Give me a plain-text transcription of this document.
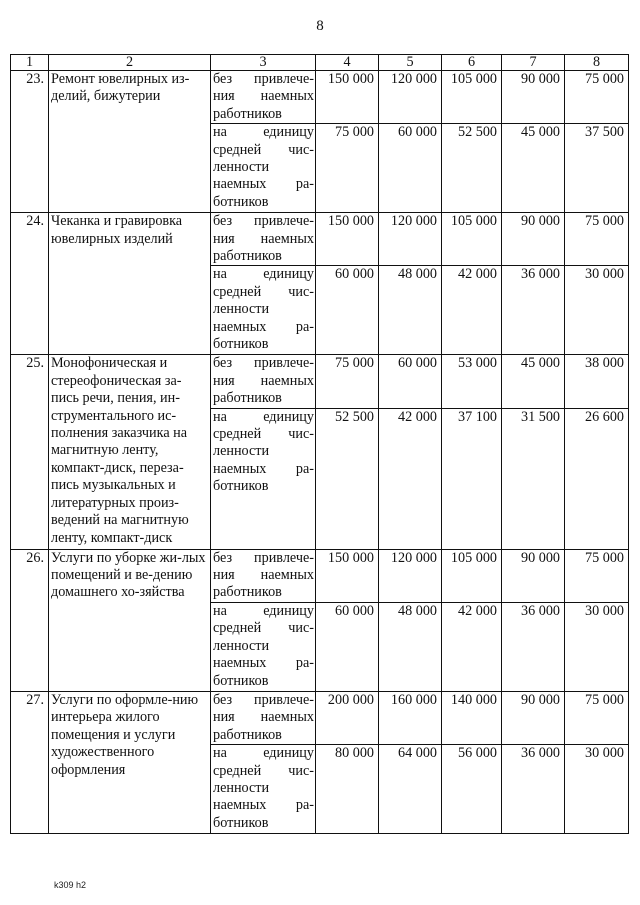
8
1	2	3	4	5	6	7	8
23.	Ремонт ювелирных из-делий, бижутерии	без привлече-ния наемных работников	150 000	120 000	105 000	90 000	75 000
		на единицу средней чис-ленности наемных ра-ботников	75 000	60 000	52 500	45 000	37 500
24.	Чеканка и гравировка ювелирных изделий	без привлече-ния наемных работников	150 000	120 000	105 000	90 000	75 000
		на единицу средней чис-ленности наемных ра-ботников	60 000	48 000	42 000	36 000	30 000
25.	Монофоническая и стереофоническая за-пись речи, пения, ин-струментального ис-полнения заказчика на магнитную ленту, компакт-диск, переза-пись музыкальных и литературных произ-ведений на магнитную ленту, компакт-диск	без привлече-ния наемных работников	75 000	60 000	53 000	45 000	38 000
		на единицу средней чис-ленности наемных ра-ботников	52 500	42 000	37 100	31 500	26 600
26.	Услуги по уборке жи-лых помещений и ве-дению домашнего хо-зяйства	без привлече-ния наемных работников	150 000	120 000	105 000	90 000	75 000
		на единицу средней чис-ленности наемных ра-ботников	60 000	48 000	42 000	36 000	30 000
27.	Услуги по оформле-нию интерьера жилого помещения и услуги художественного оформления	без привлече-ния наемных работников	200 000	160 000	140 000	90 000	75 000
		на единицу средней чис-ленности наемных ра-ботников	80 000	64 000	56 000	36 000	30 000
k309 h2
